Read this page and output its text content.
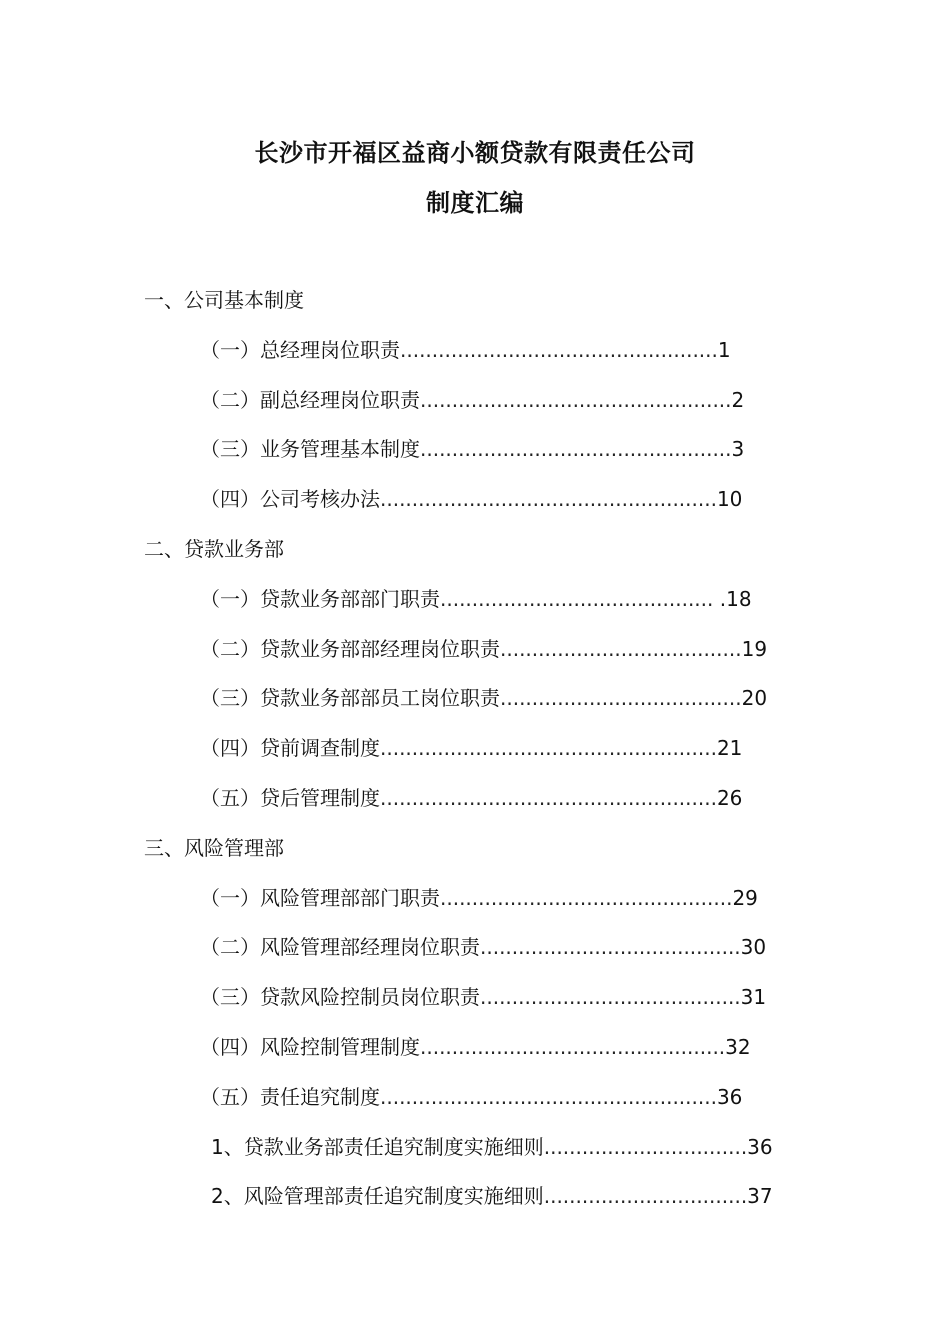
长沙市开福区益商小额贷款有限责任公司
制度汇编
一、公司基本制度
（一）总经理岗位职责..................................................1
（二）副总经理岗位职责.................................................2
（三）业务管理基本制度.................................................3
（四）公司考核办法.....................................................10
二、贷款业务部
（一）贷款业务部部门职责........................................... .18
（二）贷款业务部部经理岗位职责......................................19
（三）贷款业务部部员工岗位职责......................................20
（四）贷前调查制度.....................................................21
（五）贷后管理制度.....................................................26
三、风险管理部
（一）风险管理部部门职责..............................................29
（二）风险管理部经理岗位职责.........................................30
（三）贷款风险控制员岗位职责.........................................31
（四）风险控制管理制度................................................32
（五）责任追究制度.....................................................36
1、贷款业务部责任追究制度实施细则................................36
2、风险管理部责任追究制度实施细则................................37
